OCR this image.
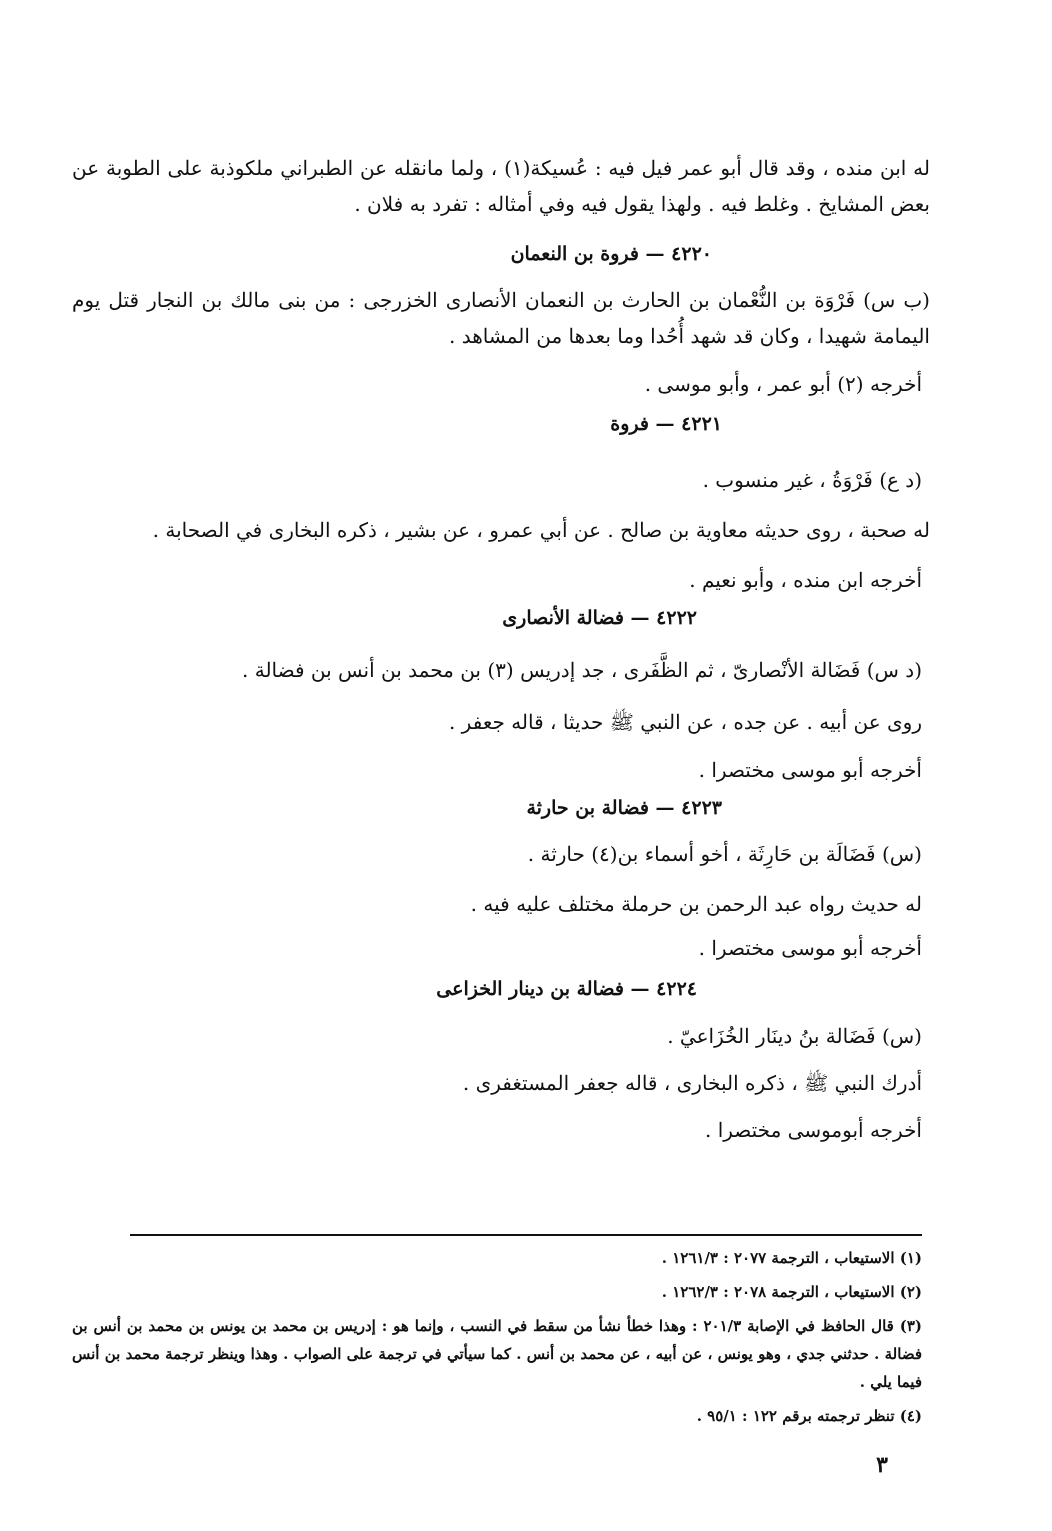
له ابن منده ، وقد قال أبو عمر فيل فيه : عُسيكة(١) ، ولما مانقله عن الطبراني ملكوذبة على الطوبة عن بعض المشايخ . وغلط فيه . ولهذا يقول فيه وفي أمثاله : تفرد به فلان .

٤٢٢٠ — فروة بن النعمان

(ب س) فَرْوَة بن النُّعْمان بن الحارث بن النعمان الأنصارى الخزرجى : من بنى مالك بن النجار قتل يوم اليمامة شهيدا ، وكان قد شهد أُحُدا وما بعدها من المشاهد .

أخرجه (٢) أبو عمر ، وأبو موسى .

٤٢٢١ — فروة

(د ع) فَرْوَةُ ، غير منسوب .

له صحبة ، روى حديثه معاوية بن صالح . عن أبي عمرو ، عن بشير ، ذكره البخارى في الصحابة .

أخرجه ابن منده ، وأبو نعيم .

٤٢٢٢ — فضالة الأنصارى

(د س) فَضَالة الأنْصارىّ ، ثم الظَّفَرى ، جد إدريس (٣) بن محمد بن أنس بن فضالة .

روى عن أبيه . عن جده ، عن النبي ﷺ حديثا ، قاله جعفر .

أخرجه أبو موسى مختصرا .

٤٢٢٣ — فضالة بن حارثة

(س) فَضَالَة بن حَارِثَة ، أخو أسماء بن(٤) حارثة .

له حديث رواه عبد الرحمن بن حرملة مختلف عليه فيه .

أخرجه أبو موسى مختصرا .

٤٢٢٤ — فضالة بن دينار الخزاعى

(س) فَضَالة بنُ دينَار الخُزَاعيّ .

أدرك النبي ﷺ ، ذكره البخارى ، قاله جعفر المستغفرى .

أخرجه أبوموسى مختصرا .

(١) الاستيعاب ، الترجمة ٢٠٧٧ : ١٢٦١/٣ .

(٢) الاستيعاب ، الترجمة ٢٠٧٨ : ١٢٦٢/٣ .

(٣) قال الحافظ في الإصابة ٢٠١/٣ : وهذا خطأ نشأ من سقط في النسب ، وإنما هو : إدريس بن محمد بن يونس بن محمد بن أنس بن فضالة . حدثني جدي ، وهو يونس ، عن أبيه ، عن محمد بن أنس . كما سيأتي في ترجمة على الصواب . وهذا وينظر ترجمة محمد بن أنس فيما يلي .

(٤) تنظر ترجمته برقم ١٢٢ : ٩٥/١ .

٣
